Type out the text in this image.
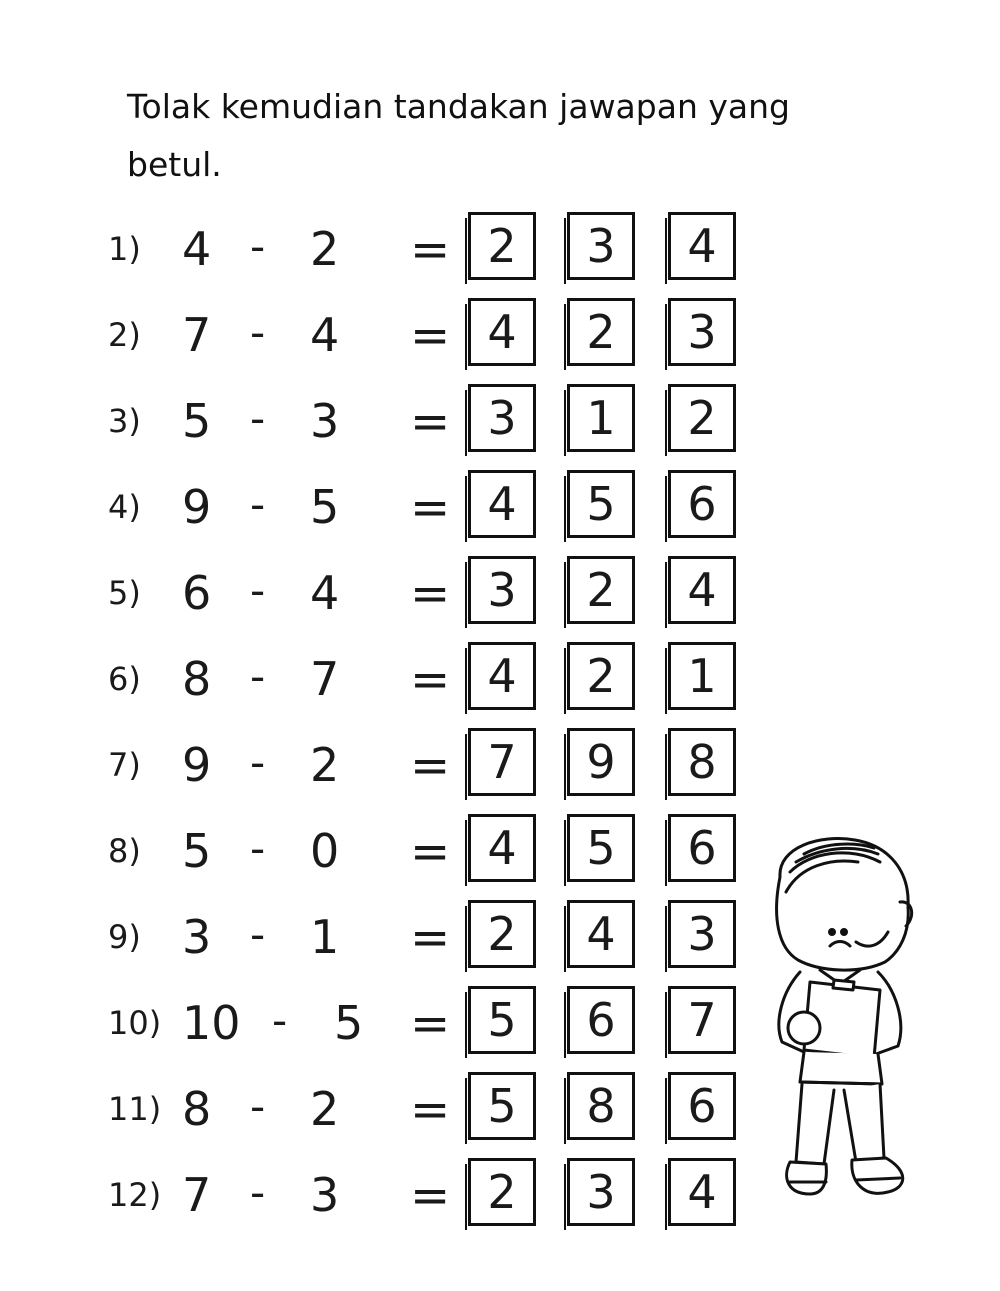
Tolak kemudian tandakan jawapan yang betul.

1) 4 - 2 = 2	3	4
2) 7 - 4 = 4	2	3
3) 5 - 3 = 3	1	2
4) 9 - 5 = 4	5	6
5) 6 - 4 = 3	2	4
6) 8 - 7 = 4	2	1
7) 9 - 2 = 7	9	8
8) 5 - 0 = 4	5	6
9) 3 - 1 = 2	4	3
10) 10 - 5 = 5	6	7
11) 8 - 2 = 5	8	6
12) 7 - 3 = 2	3	4
